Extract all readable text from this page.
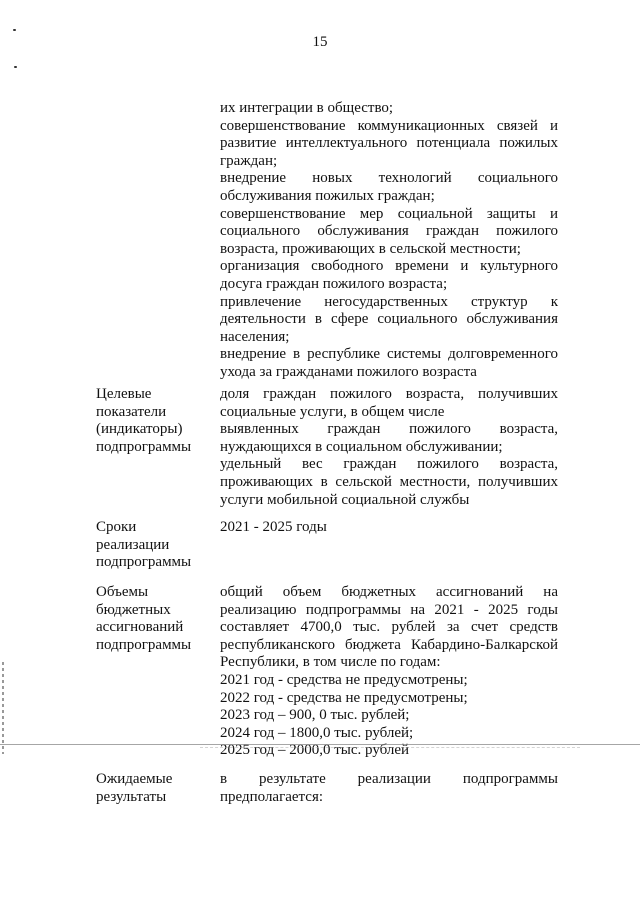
15

их интеграции в общество;

совершенствование коммуникационных связей и развитие интеллектуального потенциала пожилых граждан;

внедрение новых технологий социального обслуживания пожилых граждан;

совершенствование мер социальной защиты и социального обслуживания граждан пожилого возраста, проживающих в сельской местности;

организация свободного времени и культурного досуга граждан пожилого возраста;

привлечение негосударственных структур к деятельности в сфере социального обслуживания населения;

внедрение в республике системы долговременного ухода за гражданами пожилого возраста

Целевые показатели (индикаторы) подпрограммы

доля граждан пожилого возраста, получивших социальные услуги, в общем числе

выявленных граждан пожилого возраста, нуждающихся в социальном обслуживании;

удельный вес граждан пожилого возраста, проживающих в сельской местности, получивших услуги мобильной социальной службы

Сроки реализации подпрограммы

2021 - 2025 годы

Объемы бюджетных ассигнований подпрограммы

общий объем бюджетных ассигнований на реализацию подпрограммы на 2021 - 2025 годы составляет 4700,0 тыс. рублей за счет средств республиканского бюджета Кабардино-Балкарской Республики, в том числе по годам:

2021 год - средства не предусмотрены;

2022 год - средства не предусмотрены;

2023 год – 900, 0 тыс. рублей;

2024 год – 1800,0 тыс. рублей;

2025 год – 2000,0 тыс. рублей

Ожидаемые результаты

в результате реализации подпрограммы предполагается:
